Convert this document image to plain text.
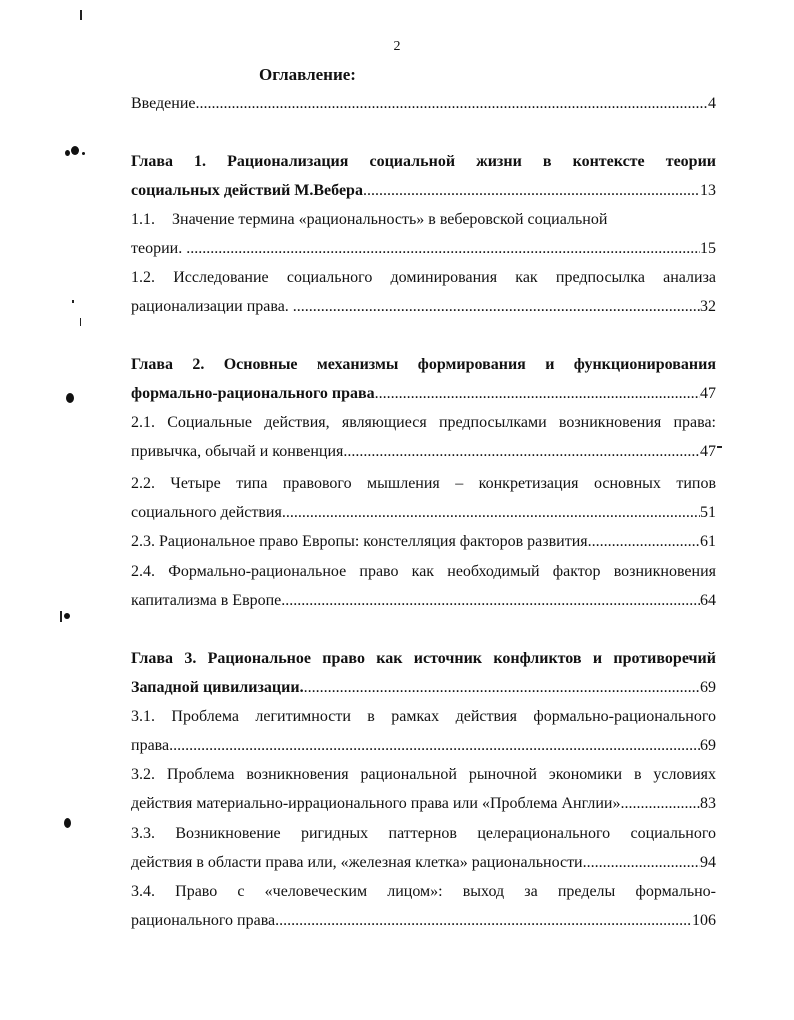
2
Оглавление:
Введение .....	4
Глава 1. Рационализация социальной жизни в контексте теории
социальных действий М.Вебера .....	13
1.1. Значение термина «рациональность» в веберовской социальной
теории. .. .....	15
1.2. Исследование социального доминирования как предпосылка анализа
рационализации права. .. .....	32
Глава 2. Основные механизмы формирования и функционирования
формально-рационального права .....	47
2.1. Социальные действия, являющиеся предпосылками возникновения права:
привычка, обычай и конвенция. .....	47
2.2. Четыре типа правового мышления – конкретизация основных типов
социального действия. .....	51
2.3. Рациональное право Европы: констелляция факторов развития. .....	61
2.4. Формально-рациональное право как необходимый фактор возникновения
капитализма в Европе. .....	64
Глава 3. Рациональное право как источник конфликтов и противоречий
Западной цивилизации. .....	69
3.1. Проблема легитимности в рамках действия формально-рационального
права .....	69
3.2. Проблема возникновения рациональной рыночной экономики в условиях
действия материально-иррационального права или «Проблема Англии» .....	83
3.3. Возникновение ригидных паттернов целерационального социального
действия в области права или, «железная клетка» рациональности .....	94
3.4. Право с «человеческим лицом»: выход за пределы формально-
рационального права .....	106
